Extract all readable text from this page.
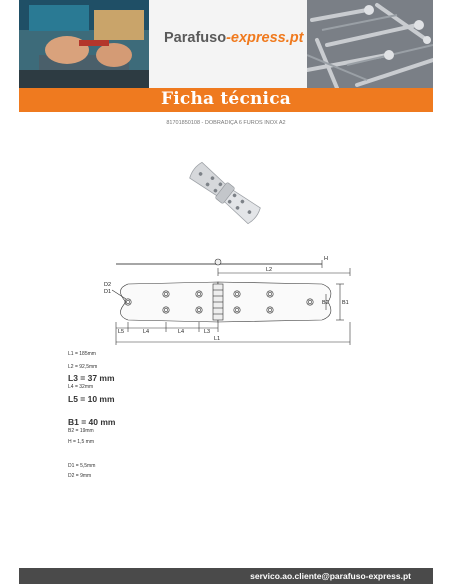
Parafuso-express.pt
Ficha técnica
81701850108 - DOBRADIÇA 6 FUROS INOX A2
H
L2
D2
D1
B2 B1
L5	L4	L4	L3
L1
L1 = 185mm
L2 = 92,5mm
L3 = 37 mm
L4 = 32mm
L5 = 10 mm
B1 = 40 mm
B2 = 19mm
H = 1,5 mm
D1 = 5,5mm
D2 = 9mm
servico.ao.cliente@parafuso-express.pt
